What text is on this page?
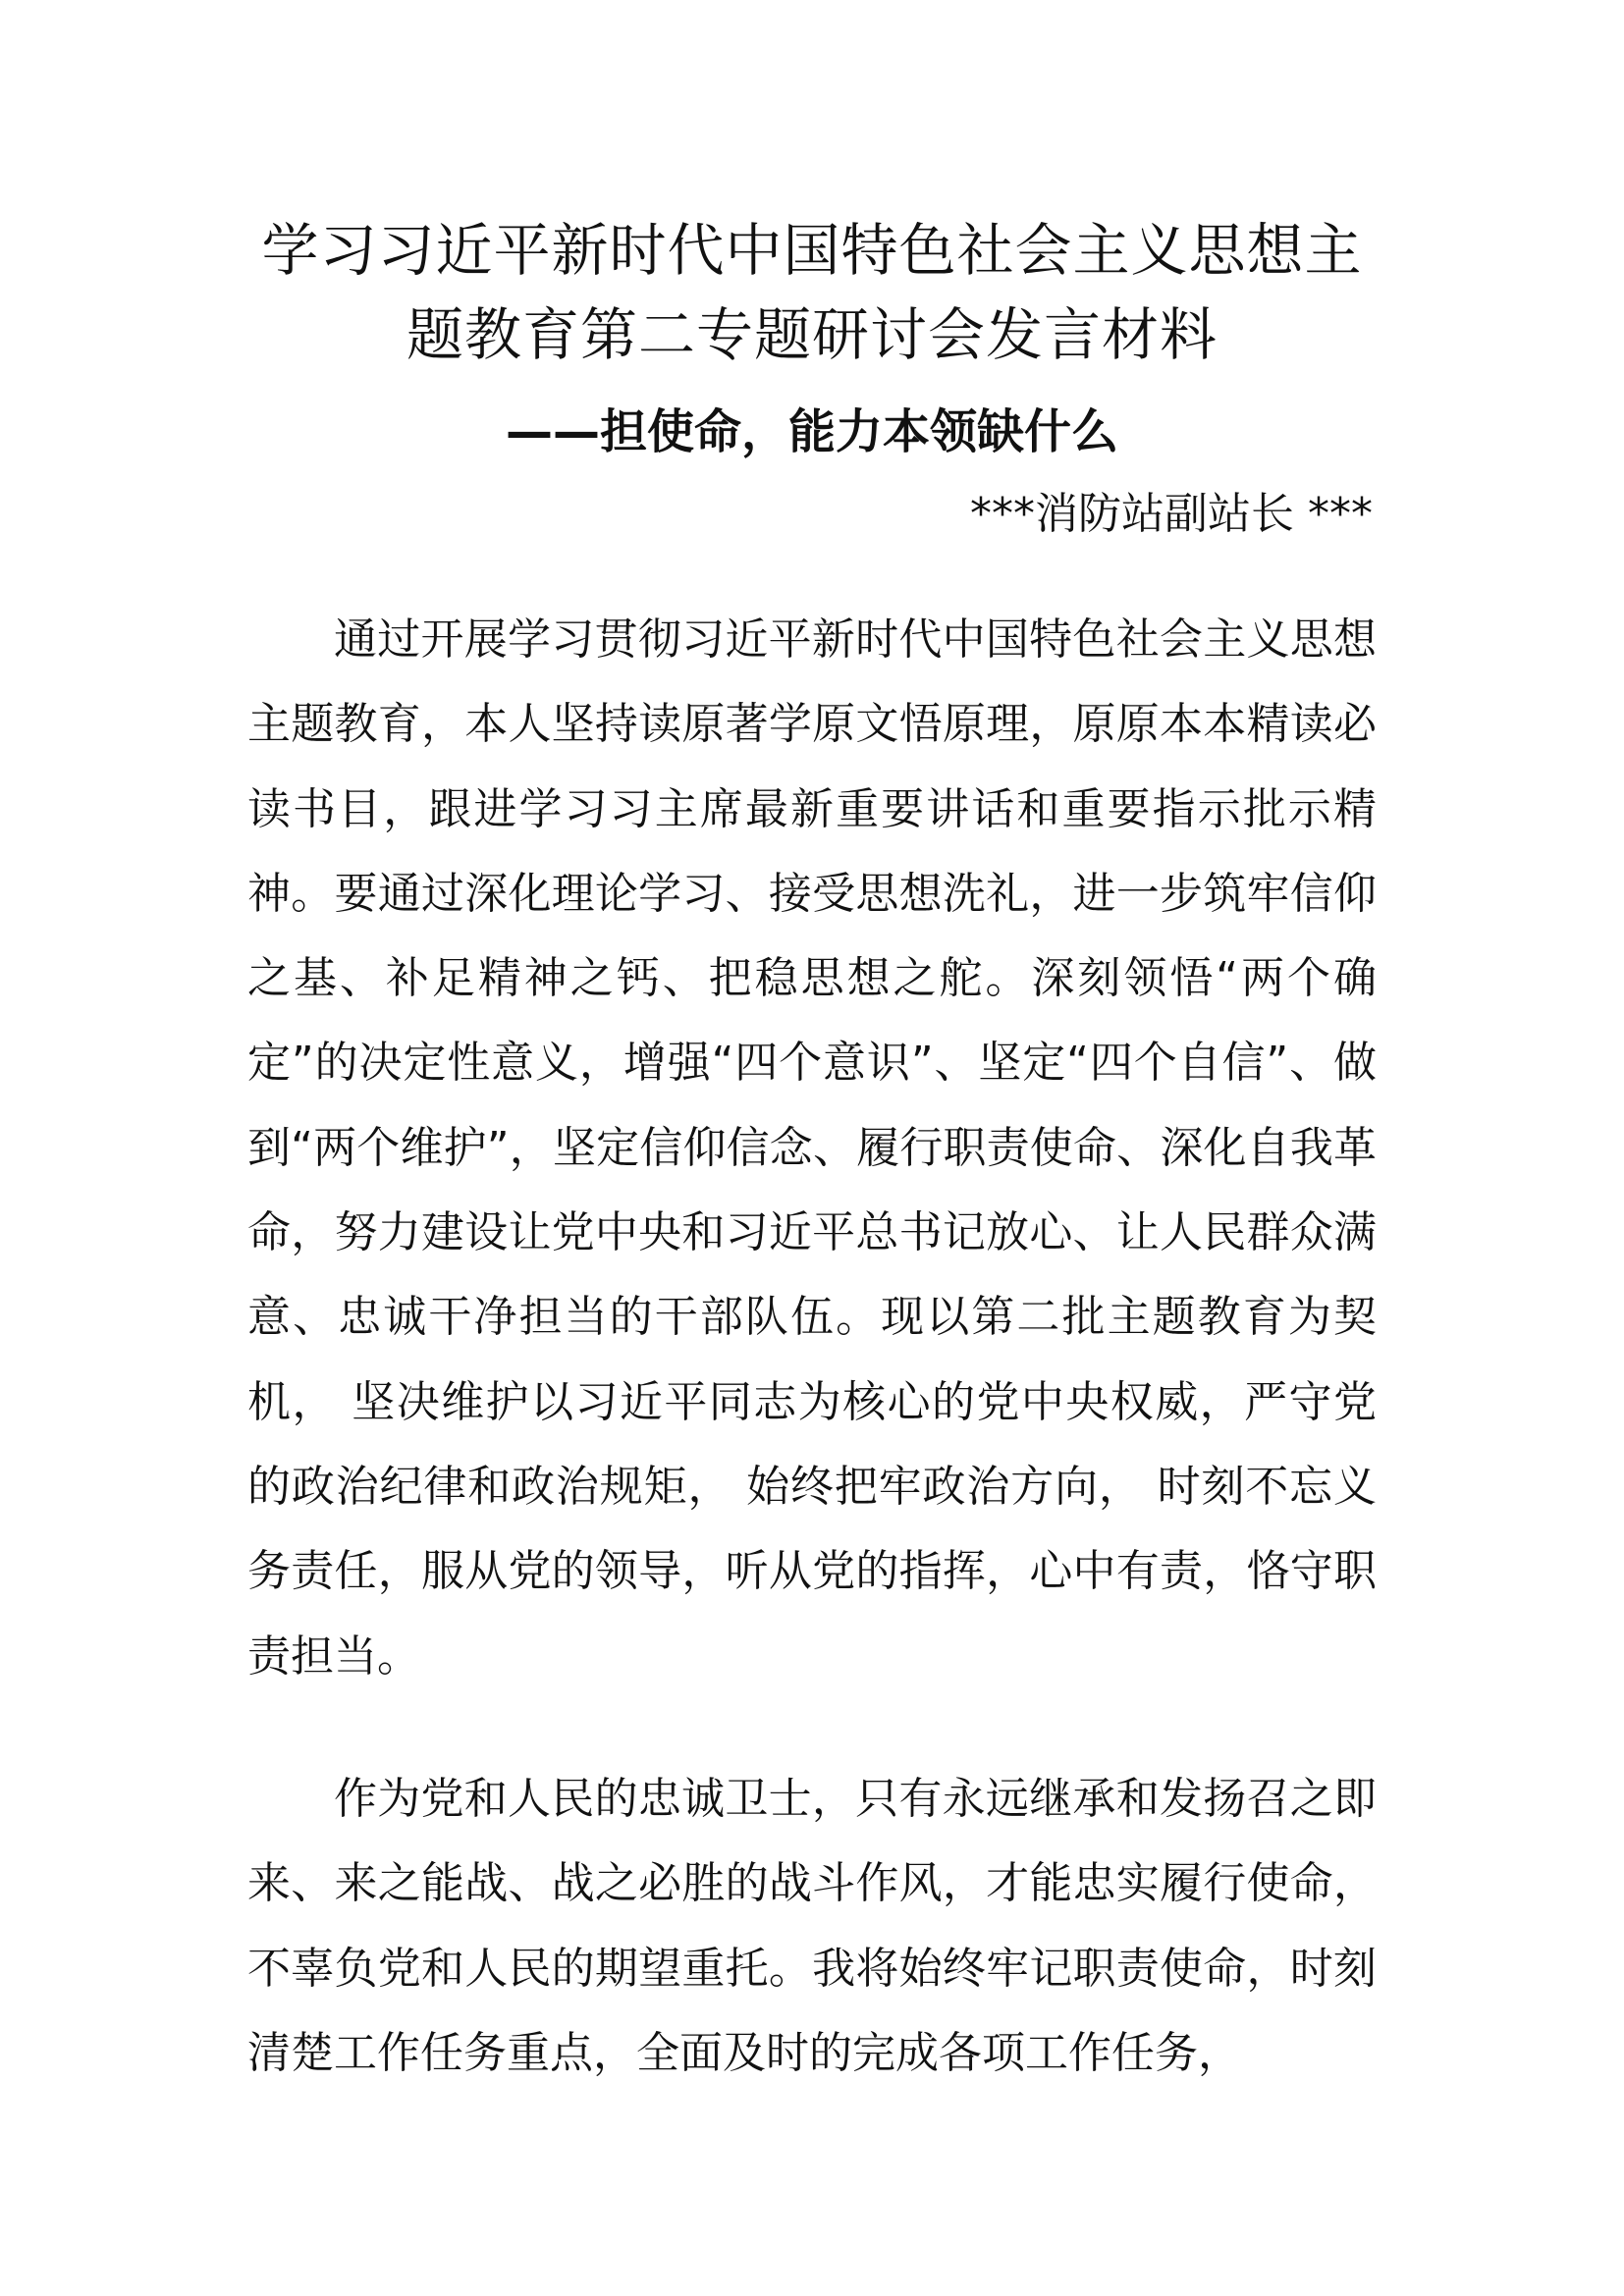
学习习近平新时代中国特色社会主义思想主
题教育第二专题研讨会发言材料
——担使命，能力本领缺什么
***消防站副站长 ***

通过开展学习贯彻习近平新时代中国特色社会主义思想主题教育，本人坚持读原著学原文悟原理，原原本本精读必读书目，跟进学习习主席最新重要讲话和重要指示批示精神。要通过深化理论学习、接受思想洗礼，进一步筑牢信仰之基、补足精神之钙、把稳思想之舵。深刻领悟“两个确定”的决定性意义，增强“四个意识”、坚定“四个自信”、做到“两个维护”，坚定信仰信念、履行职责使命、深化自我革命，努力建设让党中央和习近平总书记放心、让人民群众满意、忠诚干净担当的干部队伍。现以第二批主题教育为契机， 坚决维护以习近平同志为核心的党中央权威，严守党的政治纪律和政治规矩， 始终把牢政治方向， 时刻不忘义务责任，服从党的领导，听从党的指挥，心中有责，恪守职责担当。

作为党和人民的忠诚卫士，只有永远继承和发扬召之即来、来之能战、战之必胜的战斗作风，才能忠实履行使命，不辜负党和人民的期望重托。我将始终牢记职责使命，时刻清楚工作任务重点，全面及时的完成各项工作任务，
